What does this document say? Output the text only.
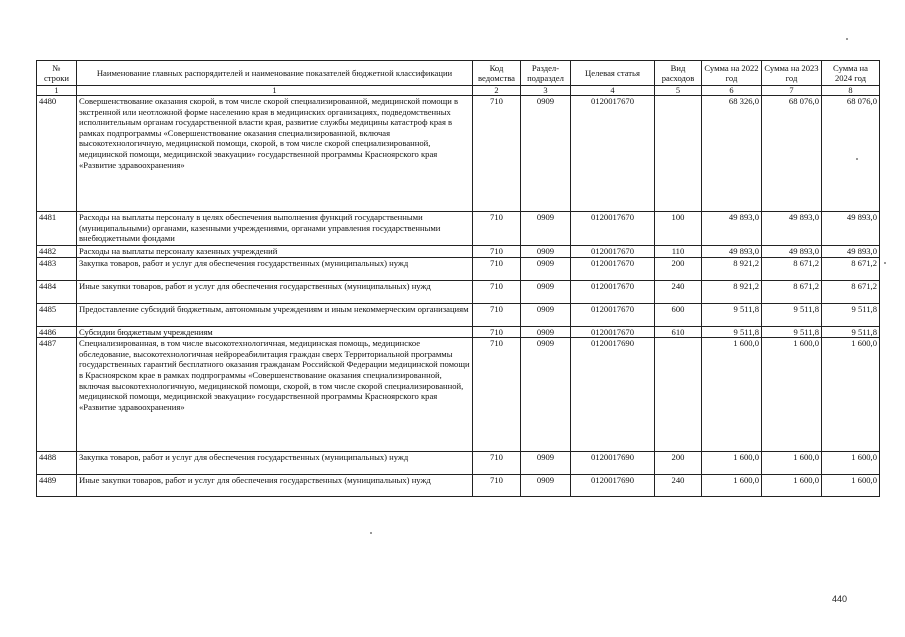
№ строки	Наименование главных распорядителей и наименование показателей бюджетной классификации	Код ведомства	Раздел-подраздел	Целевая статья	Вид расходов	Сумма на 2022 год	Сумма на 2023 год	Сумма на 2024 год
1	1	2	3	4	5	6	7	8
4480	Совершенствование оказания скорой, в том числе скорой специализированной, медицинской помощи в экстренной или неотложной форме населению края в медицинских организациях, подведомственных исполнительным органам государственной власти края, развитие службы медицины катастроф края в рамках подпрограммы «Совершенствование оказания специализированной, включая высокотехнологичную, медицинской помощи, скорой, в том числе скорой специализированной, медицинской помощи, медицинской эвакуации» государственной программы Красноярского края «Развитие здравоохранения»	710	0909	0120017670		68 326,0	68 076,0	68 076,0
4481	Расходы на выплаты персоналу в целях обеспечения выполнения функций государственными (муниципальными) органами, казенными учреждениями, органами управления государственными внебюджетными фондами	710	0909	0120017670	100	49 893,0	49 893,0	49 893,0
4482	Расходы на выплаты персоналу казенных учреждений	710	0909	0120017670	110	49 893,0	49 893,0	49 893,0
4483	Закупка товаров, работ и услуг для обеспечения государственных (муниципальных) нужд	710	0909	0120017670	200	8 921,2	8 671,2	8 671,2
4484	Иные закупки товаров, работ и услуг для обеспечения государственных (муниципальных) нужд	710	0909	0120017670	240	8 921,2	8 671,2	8 671,2
4485	Предоставление субсидий бюджетным, автономным учреждениям и иным некоммерческим организациям	710	0909	0120017670	600	9 511,8	9 511,8	9 511,8
4486	Субсидии бюджетным учреждениям	710	0909	0120017670	610	9 511,8	9 511,8	9 511,8
4487	Специализированная, в том числе высокотехнологичная, медицинская помощь, медицинское обследование, высокотехнологичная нейрореабилитация граждан сверх Территориальной программы государственных гарантий бесплатного оказания гражданам Российской Федерации медицинской помощи в Красноярском крае в рамках подпрограммы «Совершенствование оказания специализированной, включая высокотехнологичную, медицинской помощи, скорой, в том числе скорой специализированной, медицинской помощи, медицинской эвакуации» государственной программы Красноярского края «Развитие здравоохранения»	710	0909	0120017690		1 600,0	1 600,0	1 600,0
4488	Закупка товаров, работ и услуг для обеспечения государственных (муниципальных) нужд	710	0909	0120017690	200	1 600,0	1 600,0	1 600,0
4489	Иные закупки товаров, работ и услуг для обеспечения государственных (муниципальных) нужд	710	0909	0120017690	240	1 600,0	1 600,0	1 600,0
440
